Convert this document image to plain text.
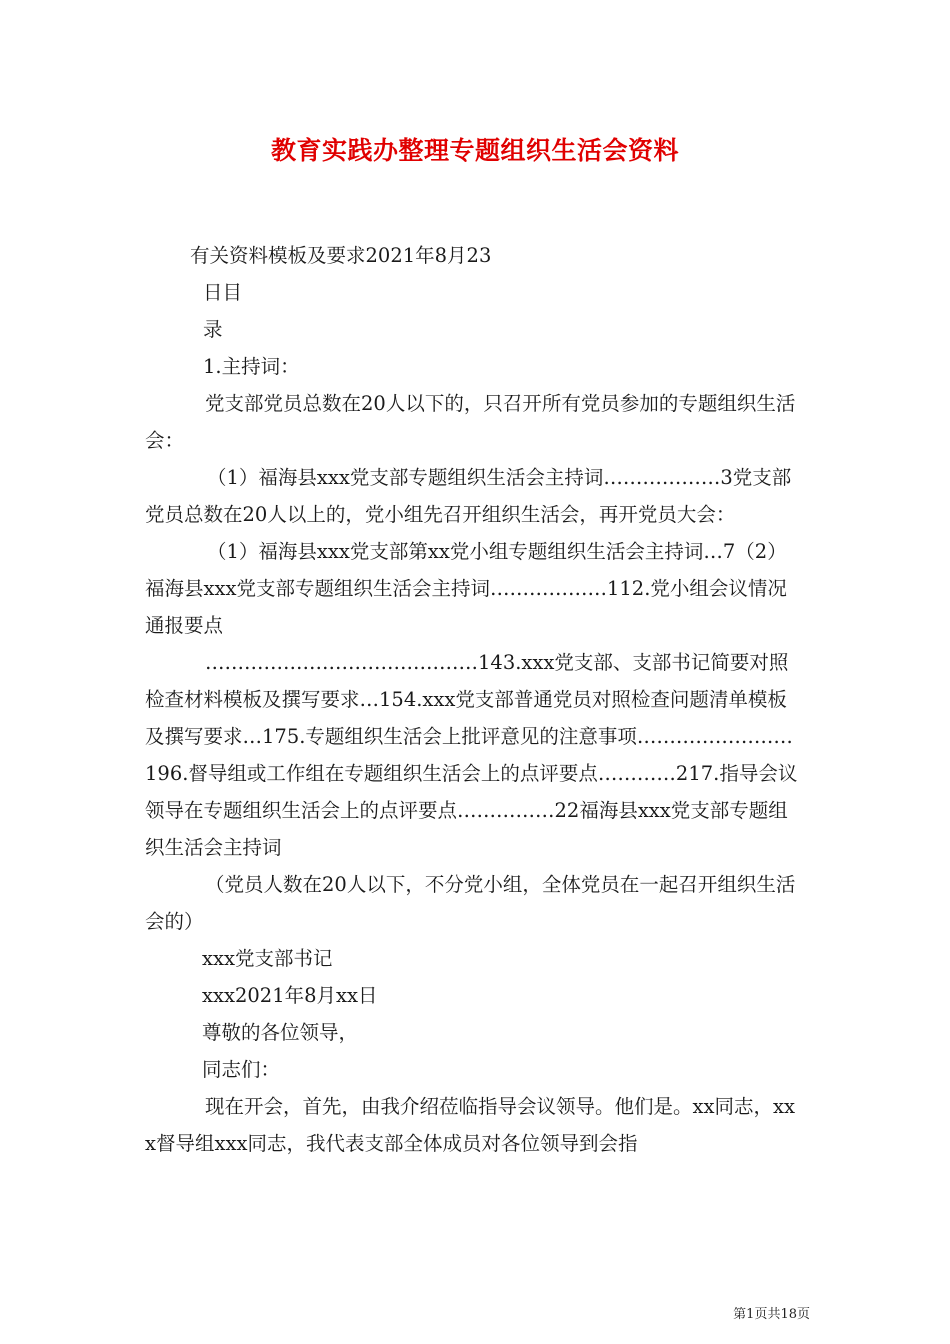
教育实践办整理专题组织生活会资料

有关资料模板及要求2021年8月23

日目

录

1.主持词：

党支部党员总数在20人以下的，只召开所有党员参加的专题组织生活会：

（1）福海县xxx党支部专题组织生活会主持词………………3党支部党员总数在20人以上的，党小组先召开组织生活会，再开党员大会：

（1）福海县xxx党支部第xx党小组专题组织生活会主持词…7（2）福海县xxx党支部专题组织生活会主持词………………112.党小组会议情况通报要点

……………………………………143.xxx党支部、支部书记简要对照检查材料模板及撰写要求…154.xxx党支部普通党员对照检查问题清单模板及撰写要求…175.专题组织生活会上批评意见的注意事项……………………196.督导组或工作组在专题组织生活会上的点评要点…………217.指导会议领导在专题组织生活会上的点评要点……………22福海县xxx党支部专题组织生活会主持词

（党员人数在20人以下，不分党小组，全体党员在一起召开组织生活会的）

xxx党支部书记

xxx2021年8月xx日

尊敬的各位领导，

同志们：

现在开会，首先，由我介绍莅临指导会议领导。他们是。xx同志，xxx督导组xxx同志，我代表支部全体成员对各位领导到会指

第1页共18页
